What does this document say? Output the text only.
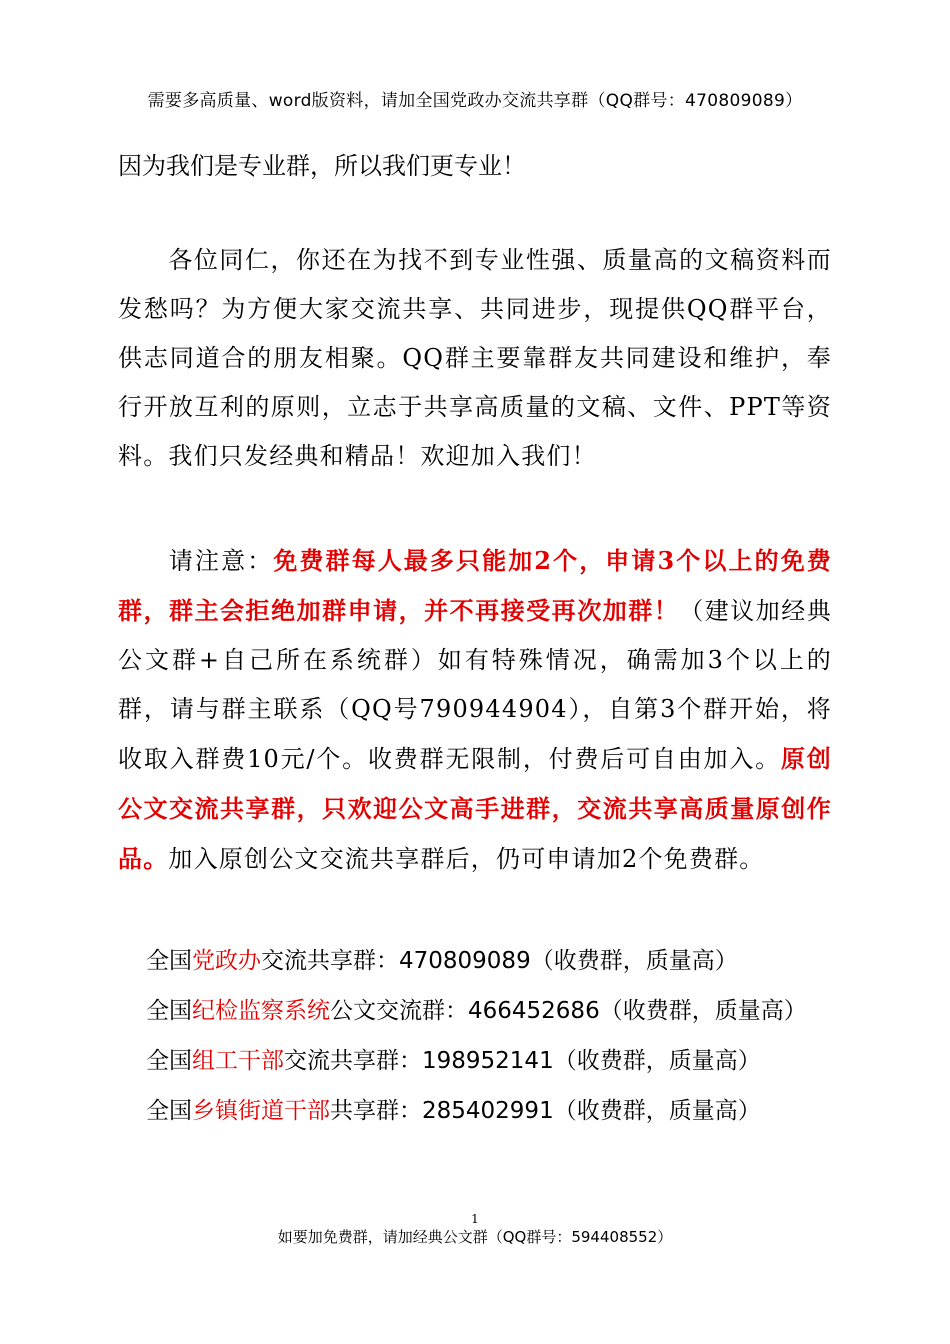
需要多高质量、word版资料，请加全国党政办交流共享群（QQ群号：470809089）
因为我们是专业群，所以我们更专业！
各位同仁，你还在为找不到专业性强、质量高的文稿资料而发愁吗？为方便大家交流共享、共同进步，现提供QQ群平台，供志同道合的朋友相聚。QQ群主要靠群友共同建设和维护，奉行开放互利的原则，立志于共享高质量的文稿、文件、PPT等资料。我们只发经典和精品！欢迎加入我们！
请注意：免费群每人最多只能加2个，申请3个以上的免费群，群主会拒绝加群申请，并不再接受再次加群！（建议加经典公文群+自己所在系统群）如有特殊情况，确需加3个以上的群，请与群主联系（QQ号790944904），自第3个群开始，将收取入群费10元/个。收费群无限制，付费后可自由加入。原创公文交流共享群，只欢迎公文高手进群，交流共享高质量原创作品。加入原创公文交流共享群后，仍可申请加2个免费群。
全国党政办交流共享群：470809089（收费群，质量高）
全国纪检监察系统公文交流群：466452686（收费群，质量高）
全国组工干部交流共享群：198952141（收费群，质量高）
全国乡镇街道干部共享群：285402991（收费群，质量高）
1
如要加免费群，请加经典公文群（QQ群号：594408552）
